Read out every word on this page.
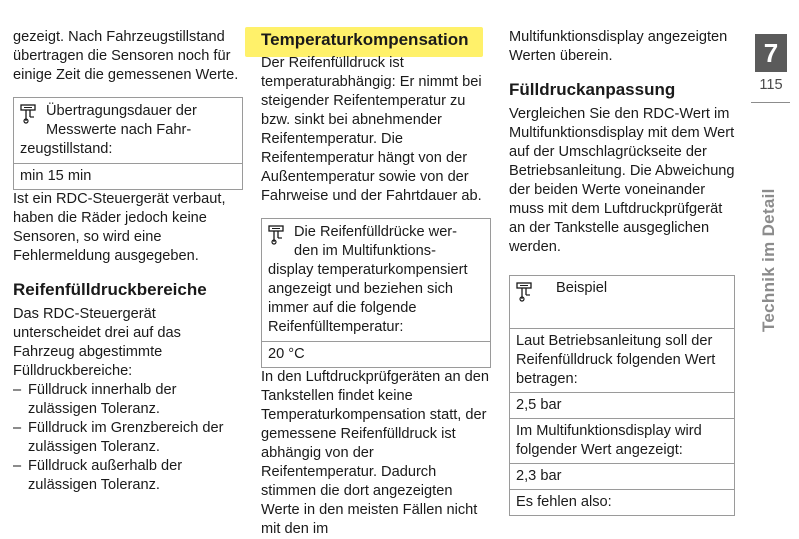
gezeigt. Nach Fahrzeugstillstand übertragen die Sensoren noch für einige Zeit die gemessenen Werte.

Übertragungsdauer der
Messwerte nach Fahr-
zeugstillstand:
min 15 min

Ist ein RDC-Steuergerät verbaut, haben die Räder jedoch keine Sensoren, so wird eine Fehlermeldung ausgegeben.

Reifenfülldruckbereiche

Das RDC-Steuergerät unterscheidet drei auf das Fahrzeug abgestimmte Fülldruckbereiche:

– Fülldruck innerhalb der zulässigen Toleranz.
– Fülldruck im Grenzbereich der zulässigen Toleranz.
– Fülldruck außerhalb der zulässigen Toleranz.
Temperaturkompensation

Der Reifenfülldruck ist temperaturabhängig: Er nimmt bei steigender Reifentemperatur zu bzw. sinkt bei abnehmender Reifentemperatur. Die Reifentemperatur hängt von der Außentemperatur sowie von der Fahrweise und der Fahrtdauer ab.

Die Reifenfülldrücke wer-
den im Multifunktions-
display temperaturkompensiert angezeigt und beziehen sich immer auf die folgende Reifenfülltemperatur:
20 °C

In den Luftdruckprüfgeräten an den Tankstellen findet keine Temperaturkompensation statt, der gemessene Reifenfülldruck ist abhängig von der Reifentemperatur. Dadurch stimmen die dort angezeigten Werte in den meisten Fällen nicht mit den im

Multifunktionsdisplay angezeigten Werten überein.

Fülldruckanpassung

Vergleichen Sie den RDC-Wert im Multifunktionsdisplay mit dem Wert auf der Umschlagrückseite der Betriebsanleitung. Die Abweichung der beiden Werte voneinander muss mit dem Luftdruckprüfgerät an der Tankstelle ausgeglichen werden.

Beispiel
Laut Betriebsanleitung soll der Reifenfülldruck folgenden Wert betragen:
2,5 bar
Im Multifunktionsdisplay wird folgender Wert angezeigt:
2,3 bar
Es fehlen also:
7
115
Technik im Detail
